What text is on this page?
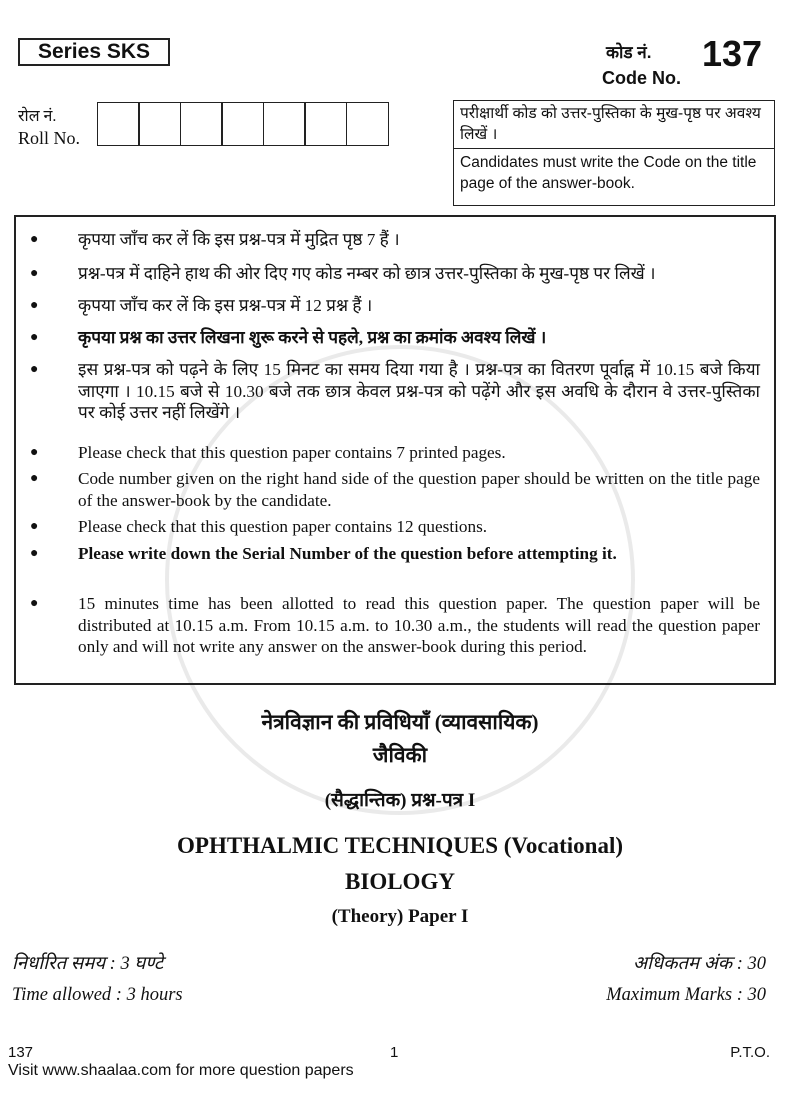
Series SKS	कोड नं. 137
Code No.
रोल नं.
Roll No.
परीक्षार्थी कोड को उत्तर-पुस्तिका के मुख-पृष्ठ पर अवश्य लिखें ।
Candidates must write the Code on the title page of the answer-book.
● कृपया जाँच कर लें कि इस प्रश्न-पत्र में मुद्रित पृष्ठ 7 हैं ।
● प्रश्न-पत्र में दाहिने हाथ की ओर दिए गए कोड नम्बर को छात्र उत्तर-पुस्तिका के मुख-पृष्ठ पर लिखें ।
● कृपया जाँच कर लें कि इस प्रश्न-पत्र में 12 प्रश्न हैं ।
● कृपया प्रश्न का उत्तर लिखना शुरू करने से पहले, प्रश्न का क्रमांक अवश्य लिखें ।
● इस प्रश्न-पत्र को पढ़ने के लिए 15 मिनट का समय दिया गया है । प्रश्न-पत्र का वितरण पूर्वाह्न में 10.15 बजे किया जाएगा । 10.15 बजे से 10.30 बजे तक छात्र केवल प्रश्न-पत्र को पढ़ेंगे और इस अवधि के दौरान वे उत्तर-पुस्तिका पर कोई उत्तर नहीं लिखेंगे ।
● Please check that this question paper contains 7 printed pages.
● Code number given on the right hand side of the question paper should be written on the title page of the answer-book by the candidate.
● Please check that this question paper contains 12 questions.
● Please write down the Serial Number of the question before attempting it.
● 15 minutes time has been allotted to read this question paper. The question paper will be distributed at 10.15 a.m. From 10.15 a.m. to 10.30 a.m., the students will read the question paper only and will not write any answer on the answer-book during this period.
नेत्रविज्ञान की प्रविधियाँ (व्यावसायिक)
जैविकी
(सैद्धान्तिक) प्रश्न-पत्र I
OPHTHALMIC TECHNIQUES (Vocational)
BIOLOGY
(Theory) Paper I
निर्धारित समय : 3 घण्टे	अधिकतम अंक : 30
Time allowed : 3 hours	Maximum Marks : 30
137	1	P.T.O.
Visit www.shaalaa.com for more question papers
